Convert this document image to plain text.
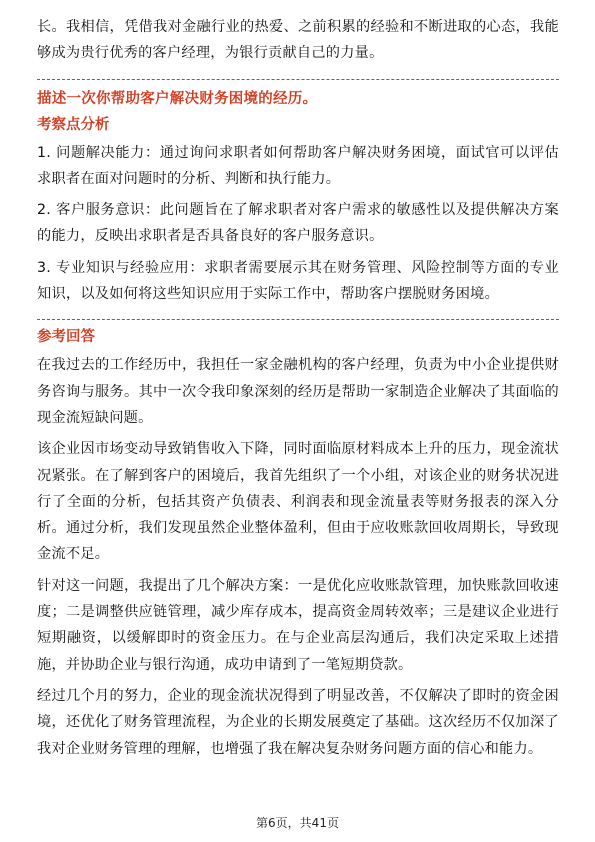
长。我相信，凭借我对金融行业的热爱、之前积累的经验和不断进取的心态，我能够成为贵行优秀的客户经理，为银行贡献自己的力量。

描述一次你帮助客户解决财务困境的经历。

考察点分析

1. 问题解决能力：通过询问求职者如何帮助客户解决财务困境，面试官可以评估求职者在面对问题时的分析、判断和执行能力。

2. 客户服务意识：此问题旨在了解求职者对客户需求的敏感性以及提供解决方案的能力，反映出求职者是否具备良好的客户服务意识。

3. 专业知识与经验应用：求职者需要展示其在财务管理、风险控制等方面的专业知识，以及如何将这些知识应用于实际工作中，帮助客户摆脱财务困境。

参考回答

在我过去的工作经历中，我担任一家金融机构的客户经理，负责为中小企业提供财务咨询与服务。其中一次令我印象深刻的经历是帮助一家制造企业解决了其面临的现金流短缺问题。

该企业因市场变动导致销售收入下降，同时面临原材料成本上升的压力，现金流状况紧张。在了解到客户的困境后，我首先组织了一个小组，对该企业的财务状况进行了全面的分析，包括其资产负债表、利润表和现金流量表等财务报表的深入分析。通过分析，我们发现虽然企业整体盈利，但由于应收账款回收周期长，导致现金流不足。

针对这一问题，我提出了几个解决方案：一是优化应收账款管理，加快账款回收速度；二是调整供应链管理，减少库存成本，提高资金周转效率；三是建议企业进行短期融资，以缓解即时的资金压力。在与企业高层沟通后，我们决定采取上述措施，并协助企业与银行沟通，成功申请到了一笔短期贷款。

经过几个月的努力，企业的现金流状况得到了明显改善，不仅解决了即时的资金困境，还优化了财务管理流程，为企业的长期发展奠定了基础。这次经历不仅加深了我对企业财务管理的理解，也增强了我在解决复杂财务问题方面的信心和能力。

第6页，共41页
